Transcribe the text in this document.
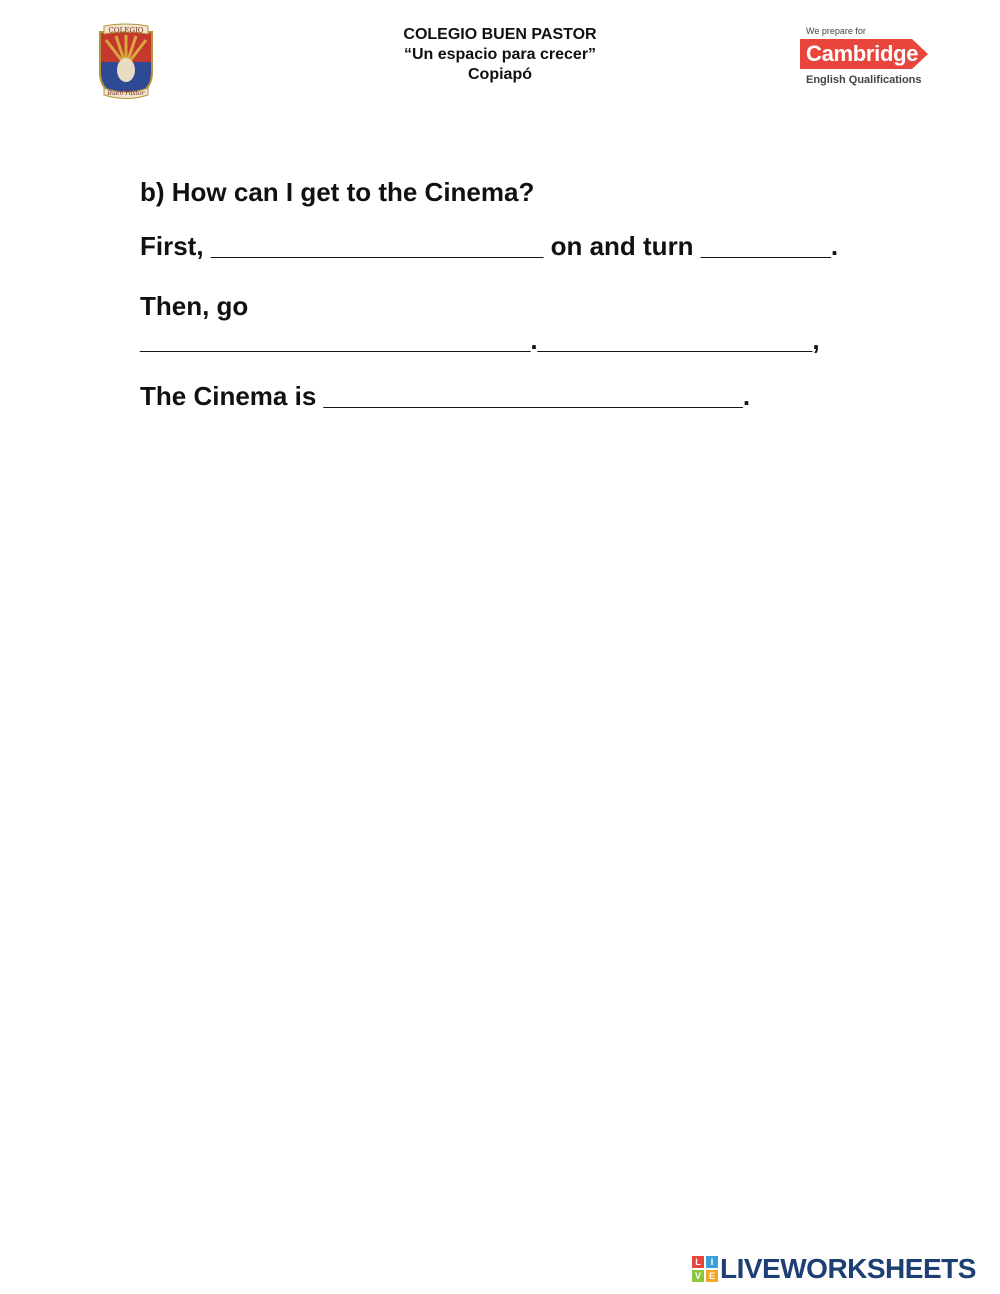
COLEGIO
Buen Pastor
COLEGIO BUEN PASTOR
“Un espacio para crecer”
Copiapó
We prepare for
Cambridge
English Qualifications
b) How can I get to the Cinema?
First, _______________________ on and turn _________.
Then, go
___________________________.___________________,
The Cinema is _____________________________.
L	I
V E LIVEWORKSHEETS
